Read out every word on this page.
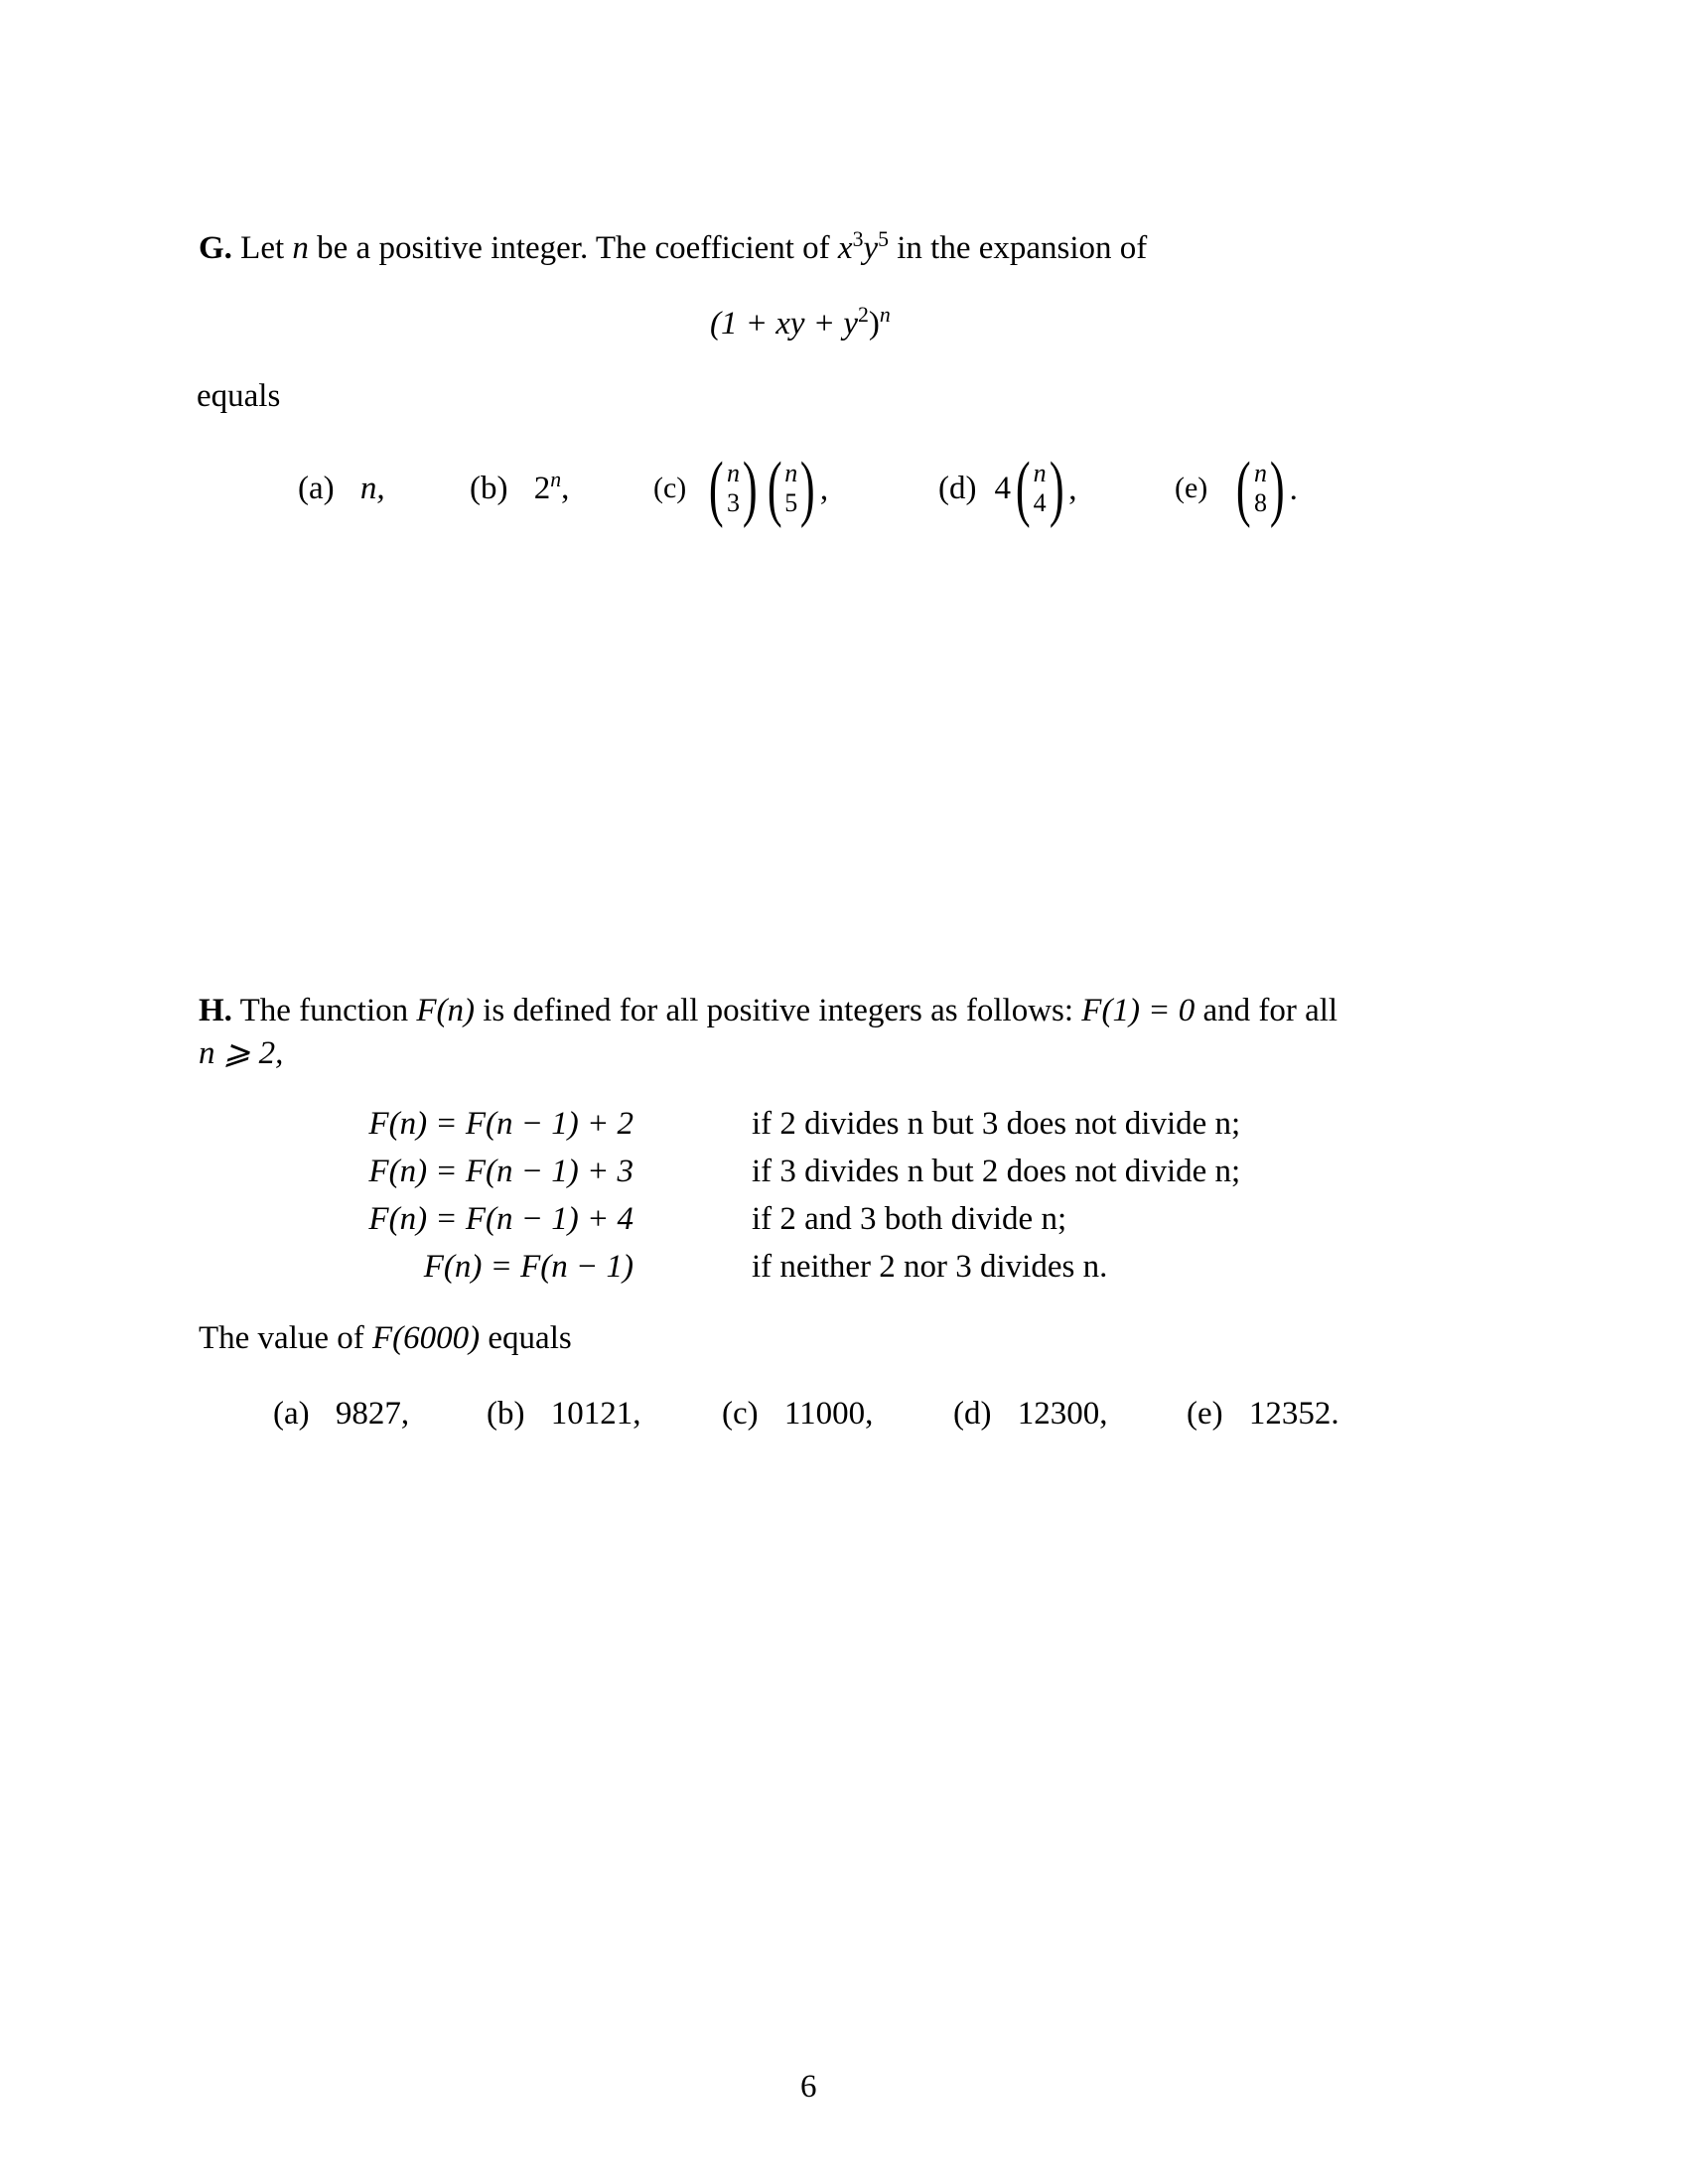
G. Let n be a positive integer. The coefficient of $x^3y^5$ in the expansion of
(1 + xy + $y^2)^n$
equals
(a) n,	(b) 2$^n$,	(c) ( n
3 ) ( n
5 ) ,	(d) 4 ( n
4 ) ,	(e) ( n
8 ) .
H. The function F(n) is defined for all positive integers as follows: F(1) = 0 and for all
n ⩾ 2,
F(n) = F(n − 1) + 2	if 2 divides n but 3 does not divide n;
F(n) = F(n − 1) + 3	if 3 divides n but 2 does not divide n;
F(n) = F(n − 1) + 4	if 2 and 3 both divide n;
F(n) = F(n − 1)	if neither 2 nor 3 divides n.
The value of F(6000) equals
(a) 9827, (b) 10121, (c) 11000, (d) 12300, (e) 12352.
6
